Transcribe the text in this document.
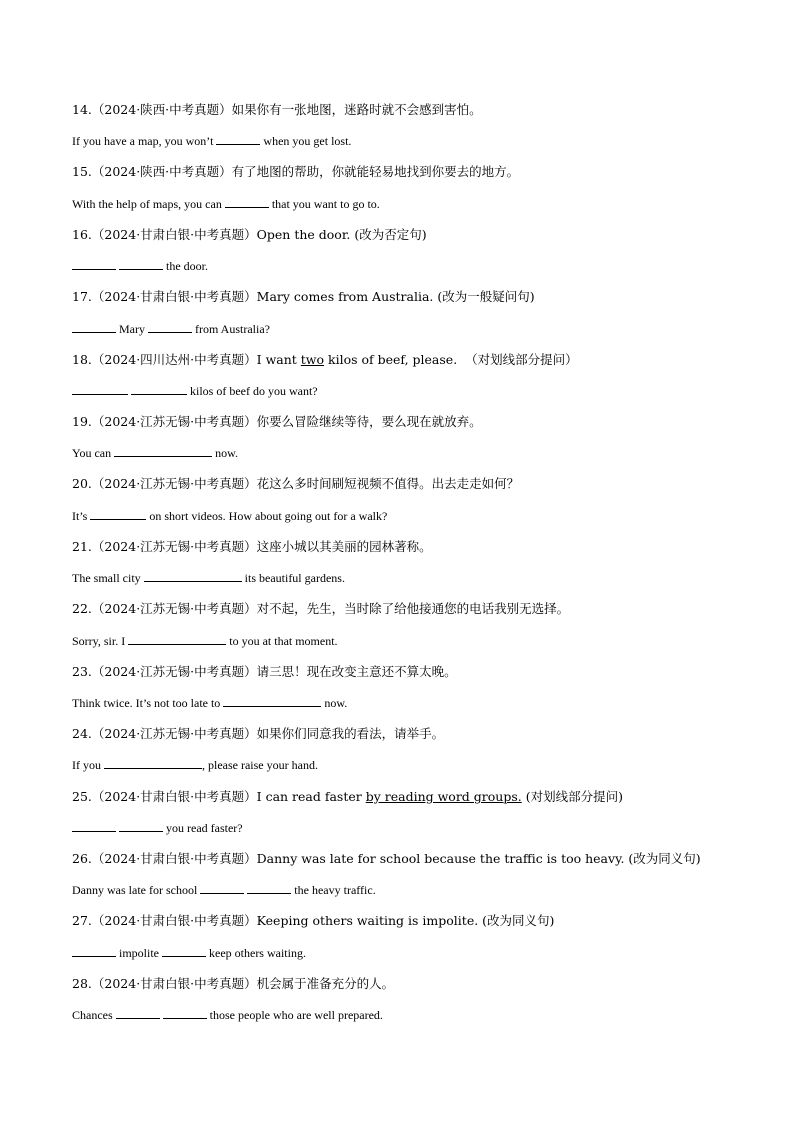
14.（2024·陕西·中考真题）如果你有一张地图，迷路时就不会感到害怕。
If you have a map, you won’t	when you get lost.
15.（2024·陕西·中考真题）有了地图的帮助，你就能轻易地找到你要去的地方。
With the help of maps, you can	that you want to go to.
16.（2024·甘肃白银·中考真题）Open the door. (改为否定句)
the door.
17.（2024·甘肃白银·中考真题）Mary comes from Australia. (改为一般疑问句)
Mary	from Australia?
18.（2024·四川达州·中考真题）I want two kilos of beef, please.  （对划线部分提问）
kilos of beef do you want?
19.（2024·江苏无锡·中考真题）你要么冒险继续等待，要么现在就放弃。
You can	now.
20.（2024·江苏无锡·中考真题）花这么多时间刷短视频不值得。出去走走如何？
It’s	on short videos. How about going out for a walk?
21.（2024·江苏无锡·中考真题）这座小城以其美丽的园林著称。
The small city	its beautiful gardens.
22.（2024·江苏无锡·中考真题）对不起，先生，当时除了给他接通您的电话我别无选择。
Sorry, sir. I	to you at that moment.
23.（2024·江苏无锡·中考真题）请三思！现在改变主意还不算太晚。
Think twice. It’s not too late to	now.
24.（2024·江苏无锡·中考真题）如果你们同意我的看法，请举手。
If you	, please raise your hand.
25.（2024·甘肃白银·中考真题）I can read faster by reading word groups. (对划线部分提问)
you read faster?
26.（2024·甘肃白银·中考真题）Danny was late for school because the traffic is too heavy. (改为同义句)
Danny was late for school	the heavy traffic.
27.（2024·甘肃白银·中考真题）Keeping others waiting is impolite. (改为同义句)
impolite	keep others waiting.
28.（2024·甘肃白银·中考真题）机会属于准备充分的人。
Chances	those people who are well prepared.
